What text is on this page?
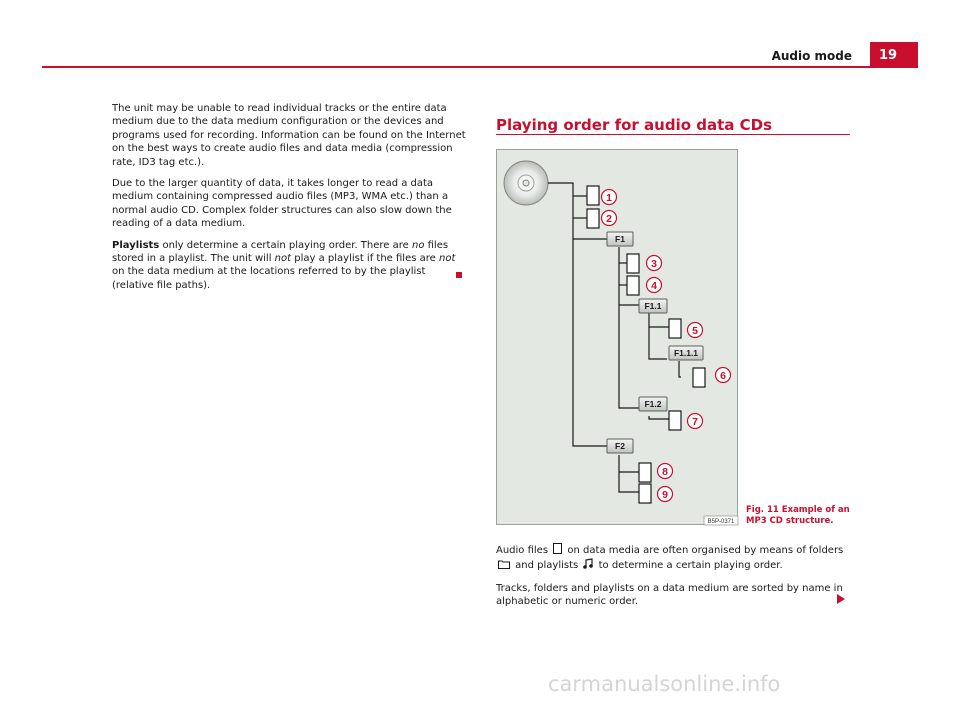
Audio mode	19

The unit may be unable to read individual tracks or the entire data medium due to the data medium configuration or the devices and programs used for recording. Information can be found on the Internet on the best ways to create audio files and data media (compression rate, ID3 tag etc.).

Due to the larger quantity of data, it takes longer to read a data medium containing compressed audio files (MP3, WMA etc.) than a normal audio CD. Complex folder structures can also slow down the reading of a data medium.

Playlists only determine a certain playing order. There are no files stored in a playlist. The unit will not play a playlist if the files are not on the data medium at the locations referred to by the playlist (relative file paths).

Playing order for audio data CDs
F1
F1.1
F1.1.1
F1.2
F2
1
2
3
4
5
6
7
8
9
B5P-0371
Fig. 11 Example of an MP3 CD structure.

Audio files  on data media are often organised by means of folders  and playlists  to determine a certain playing order.

Tracks, folders and playlists on a data medium are sorted by name in alphabetic or numeric order.

carmanualsonline.info
